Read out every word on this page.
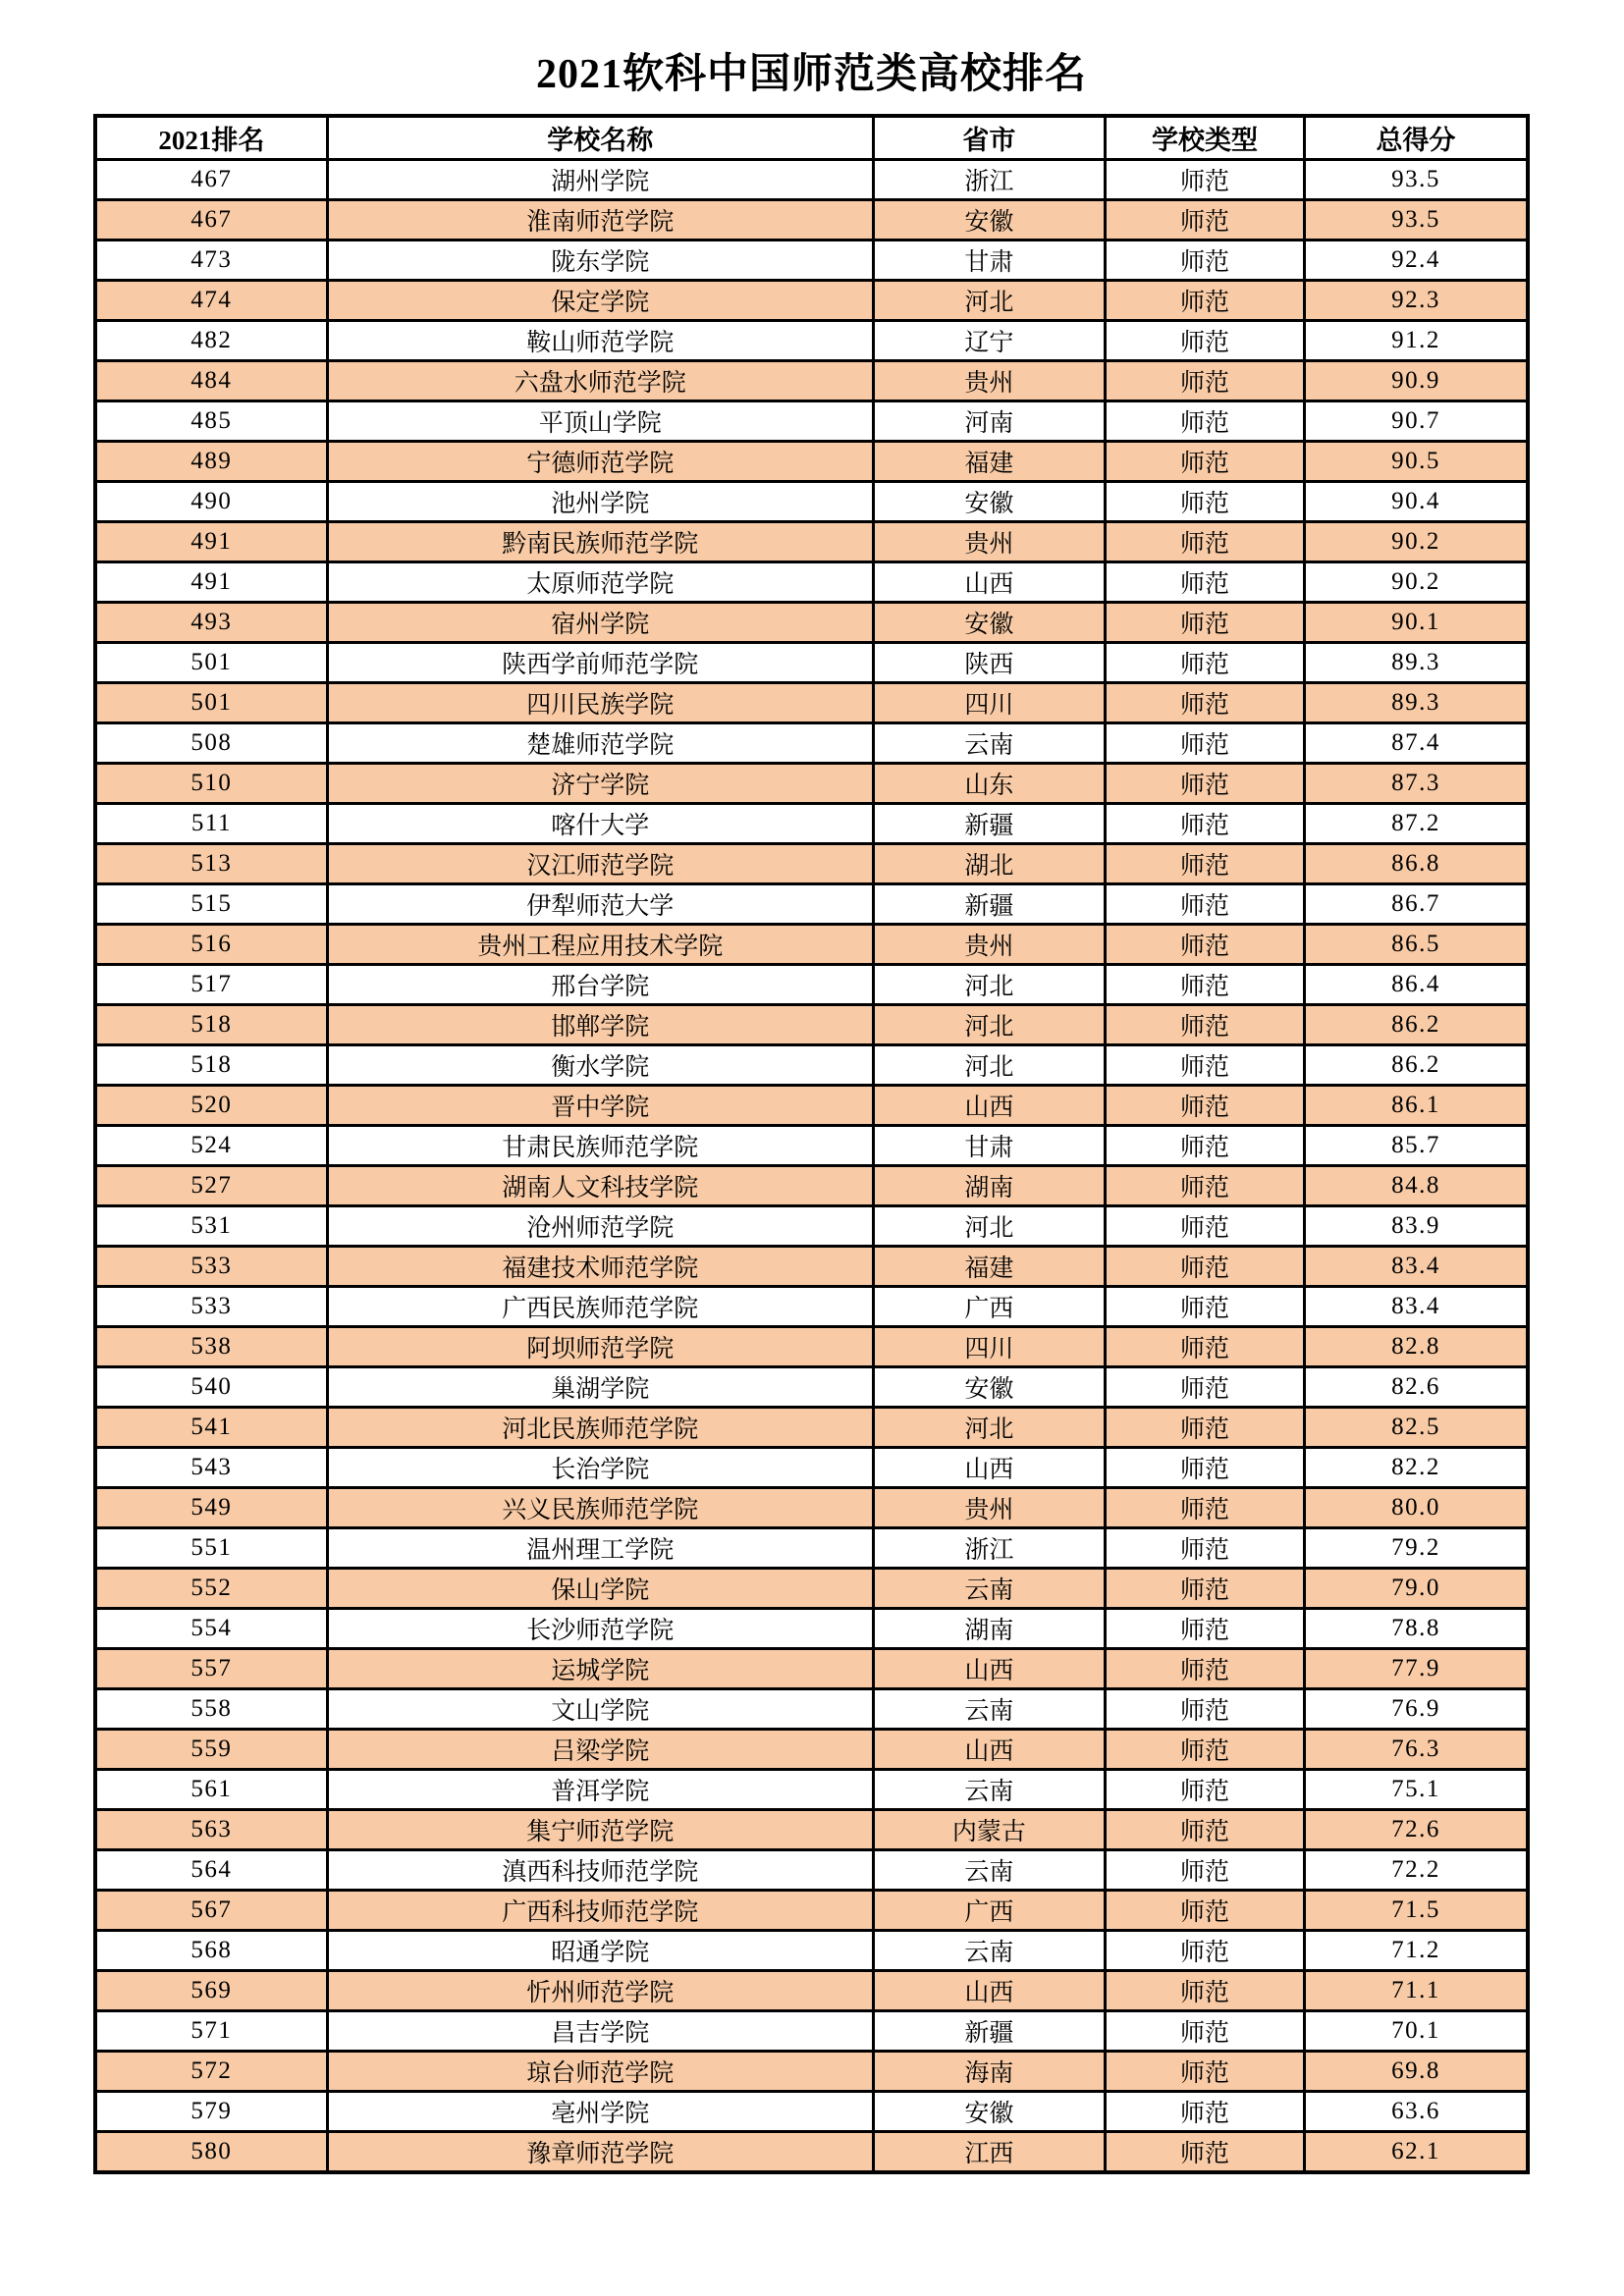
2021软科中国师范类高校排名
2021排名	学校名称	省市	学校类型	总得分
467	湖州学院	浙江	师范	93.5
467	淮南师范学院	安徽	师范	93.5
473	陇东学院	甘肃	师范	92.4
474	保定学院	河北	师范	92.3
482	鞍山师范学院	辽宁	师范	91.2
484	六盘水师范学院	贵州	师范	90.9
485	平顶山学院	河南	师范	90.7
489	宁德师范学院	福建	师范	90.5
490	池州学院	安徽	师范	90.4
491	黔南民族师范学院	贵州	师范	90.2
491	太原师范学院	山西	师范	90.2
493	宿州学院	安徽	师范	90.1
501	陕西学前师范学院	陕西	师范	89.3
501	四川民族学院	四川	师范	89.3
508	楚雄师范学院	云南	师范	87.4
510	济宁学院	山东	师范	87.3
511	喀什大学	新疆	师范	87.2
513	汉江师范学院	湖北	师范	86.8
515	伊犁师范大学	新疆	师范	86.7
516	贵州工程应用技术学院	贵州	师范	86.5
517	邢台学院	河北	师范	86.4
518	邯郸学院	河北	师范	86.2
518	衡水学院	河北	师范	86.2
520	晋中学院	山西	师范	86.1
524	甘肃民族师范学院	甘肃	师范	85.7
527	湖南人文科技学院	湖南	师范	84.8
531	沧州师范学院	河北	师范	83.9
533	福建技术师范学院	福建	师范	83.4
533	广西民族师范学院	广西	师范	83.4
538	阿坝师范学院	四川	师范	82.8
540	巢湖学院	安徽	师范	82.6
541	河北民族师范学院	河北	师范	82.5
543	长治学院	山西	师范	82.2
549	兴义民族师范学院	贵州	师范	80.0
551	温州理工学院	浙江	师范	79.2
552	保山学院	云南	师范	79.0
554	长沙师范学院	湖南	师范	78.8
557	运城学院	山西	师范	77.9
558	文山学院	云南	师范	76.9
559	吕梁学院	山西	师范	76.3
561	普洱学院	云南	师范	75.1
563	集宁师范学院	内蒙古	师范	72.6
564	滇西科技师范学院	云南	师范	72.2
567	广西科技师范学院	广西	师范	71.5
568	昭通学院	云南	师范	71.2
569	忻州师范学院	山西	师范	71.1
571	昌吉学院	新疆	师范	70.1
572	琼台师范学院	海南	师范	69.8
579	亳州学院	安徽	师范	63.6
580	豫章师范学院	江西	师范	62.1
